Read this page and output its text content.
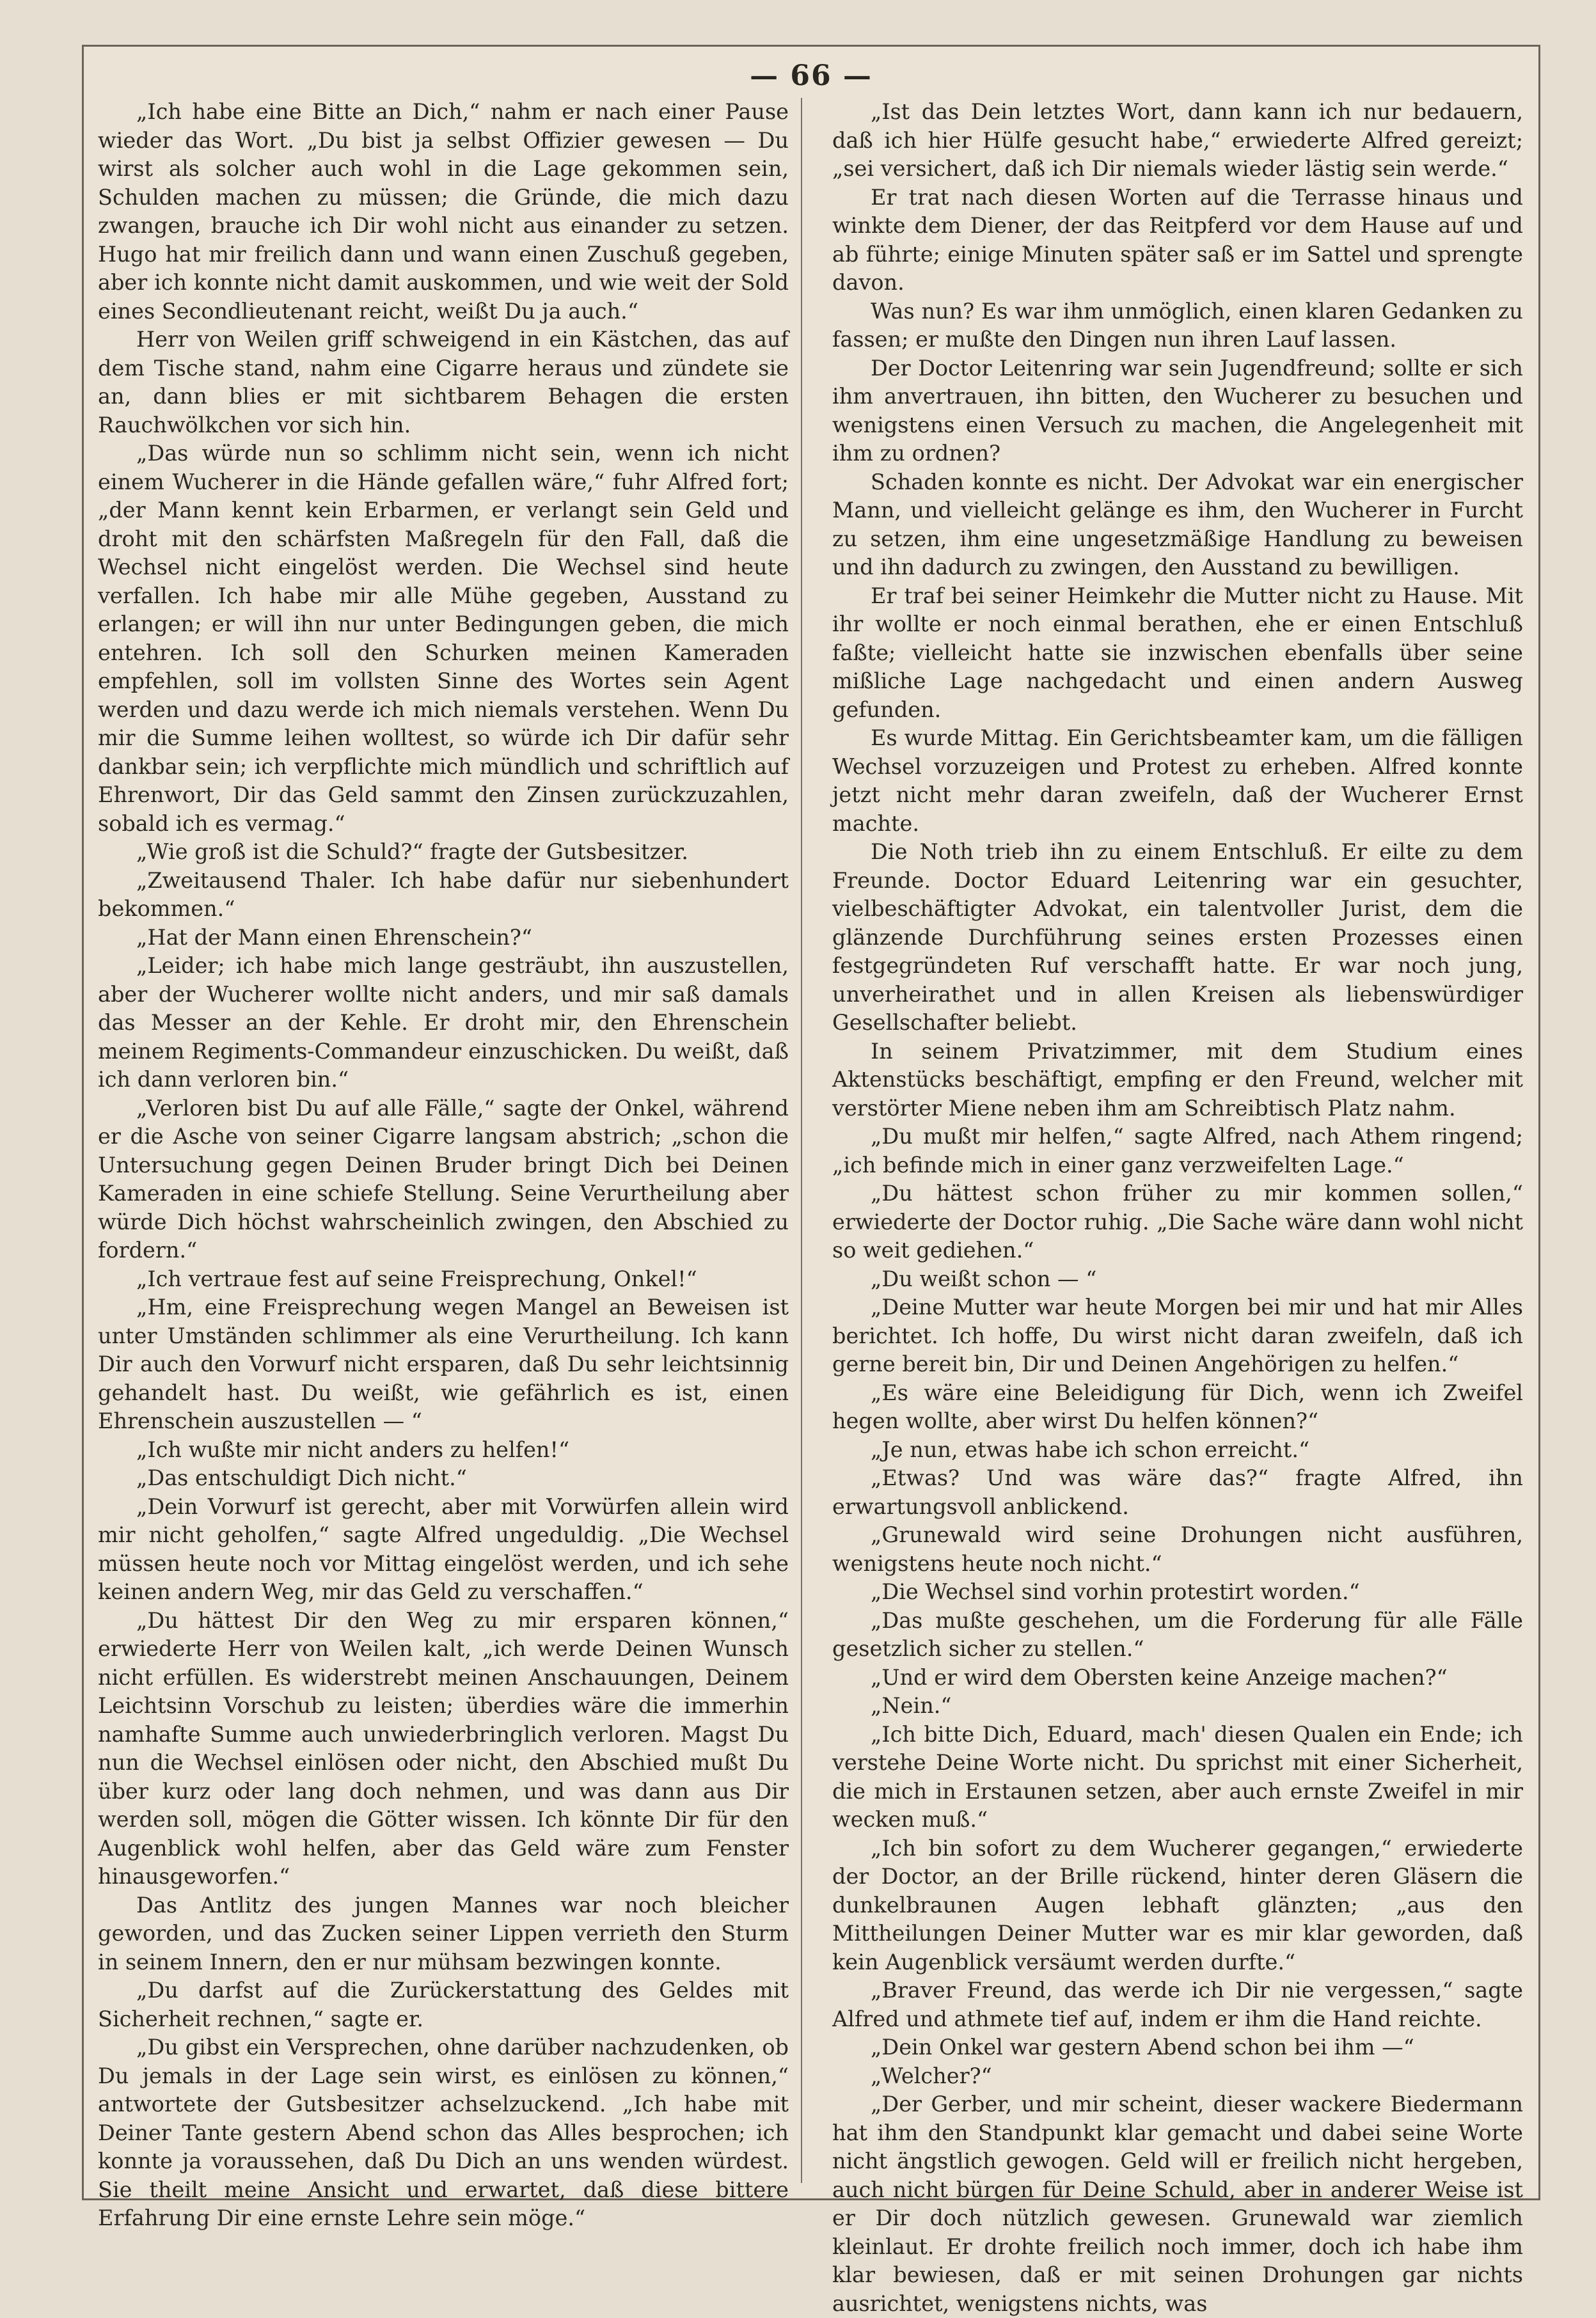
— 66 —

„Ich habe eine Bitte an Dich,“ nahm er nach einer Pause wieder das Wort. „Du bist ja selbst Offizier gewesen — Du wirst als solcher auch wohl in die Lage gekommen sein, Schulden machen zu müssen; die Gründe, die mich dazu zwangen, brauche ich Dir wohl nicht aus einander zu setzen. Hugo hat mir freilich dann und wann einen Zuschuß gegeben, aber ich konnte nicht damit auskommen, und wie weit der Sold eines Secondlieutenant reicht, weißt Du ja auch.“

Herr von Weilen griff schweigend in ein Kästchen, das auf dem Tische stand, nahm eine Cigarre heraus und zündete sie an, dann blies er mit sichtbarem Behagen die ersten Rauchwölkchen vor sich hin.

„Das würde nun so schlimm nicht sein, wenn ich nicht einem Wucherer in die Hände gefallen wäre,“ fuhr Alfred fort; „der Mann kennt kein Erbarmen, er verlangt sein Geld und droht mit den schärfsten Maßregeln für den Fall, daß die Wechsel nicht eingelöst werden. Die Wechsel sind heute verfallen. Ich habe mir alle Mühe gegeben, Ausstand zu erlangen; er will ihn nur unter Bedingungen geben, die mich entehren. Ich soll den Schurken meinen Kameraden empfehlen, soll im vollsten Sinne des Wortes sein Agent werden und dazu werde ich mich niemals verstehen. Wenn Du mir die Summe leihen wolltest, so würde ich Dir dafür sehr dankbar sein; ich verpflichte mich mündlich und schriftlich auf Ehrenwort, Dir das Geld sammt den Zinsen zurückzuzahlen, sobald ich es vermag.“

„Wie groß ist die Schuld?“ fragte der Gutsbesitzer.

„Zweitausend Thaler. Ich habe dafür nur siebenhundert bekommen.“

„Hat der Mann einen Ehrenschein?“

„Leider; ich habe mich lange gesträubt, ihn auszustellen, aber der Wucherer wollte nicht anders, und mir saß damals das Messer an der Kehle. Er droht mir, den Ehrenschein meinem Regiments-Commandeur einzuschicken. Du weißt, daß ich dann verloren bin.“

„Verloren bist Du auf alle Fälle,“ sagte der Onkel, während er die Asche von seiner Cigarre langsam abstrich; „schon die Untersuchung gegen Deinen Bruder bringt Dich bei Deinen Kameraden in eine schiefe Stellung. Seine Verurtheilung aber würde Dich höchst wahrscheinlich zwingen, den Abschied zu fordern.“

„Ich vertraue fest auf seine Freisprechung, Onkel!“

„Hm, eine Freisprechung wegen Mangel an Beweisen ist unter Umständen schlimmer als eine Verurtheilung. Ich kann Dir auch den Vorwurf nicht ersparen, daß Du sehr leichtsinnig gehandelt hast. Du weißt, wie gefährlich es ist, einen Ehrenschein auszustellen — “

„Ich wußte mir nicht anders zu helfen!“

„Das entschuldigt Dich nicht.“

„Dein Vorwurf ist gerecht, aber mit Vorwürfen allein wird mir nicht geholfen,“ sagte Alfred ungeduldig. „Die Wechsel müssen heute noch vor Mittag eingelöst werden, und ich sehe keinen andern Weg, mir das Geld zu verschaffen.“

„Du hättest Dir den Weg zu mir ersparen können,“ erwiederte Herr von Weilen kalt, „ich werde Deinen Wunsch nicht erfüllen. Es widerstrebt meinen Anschauungen, Deinem Leichtsinn Vorschub zu leisten; überdies wäre die immerhin namhafte Summe auch unwiederbringlich verloren. Magst Du nun die Wechsel einlösen oder nicht, den Abschied mußt Du über kurz oder lang doch nehmen, und was dann aus Dir werden soll, mögen die Götter wissen. Ich könnte Dir für den Augenblick wohl helfen, aber das Geld wäre zum Fenster hinausgeworfen.“

Das Antlitz des jungen Mannes war noch bleicher geworden, und das Zucken seiner Lippen verrieth den Sturm in seinem Innern, den er nur mühsam bezwingen konnte.

„Du darfst auf die Zurückerstattung des Geldes mit Sicherheit rechnen,“ sagte er.

„Du gibst ein Versprechen, ohne darüber nachzudenken, ob Du jemals in der Lage sein wirst, es einlösen zu können,“ antwortete der Gutsbesitzer achselzuckend. „Ich habe mit Deiner Tante gestern Abend schon das Alles besprochen; ich konnte ja voraussehen, daß Du Dich an uns wenden würdest. Sie theilt meine Ansicht und erwartet, daß diese bittere Erfahrung Dir eine ernste Lehre sein möge.“

„Ist das Dein letztes Wort, dann kann ich nur bedauern, daß ich hier Hülfe gesucht habe,“ erwiederte Alfred gereizt; „sei versichert, daß ich Dir niemals wieder lästig sein werde.“

Er trat nach diesen Worten auf die Terrasse hinaus und winkte dem Diener, der das Reitpferd vor dem Hause auf und ab führte; einige Minuten später saß er im Sattel und sprengte davon.

Was nun? Es war ihm unmöglich, einen klaren Gedanken zu fassen; er mußte den Dingen nun ihren Lauf lassen.

Der Doctor Leitenring war sein Jugendfreund; sollte er sich ihm anvertrauen, ihn bitten, den Wucherer zu besuchen und wenigstens einen Versuch zu machen, die Angelegenheit mit ihm zu ordnen?

Schaden konnte es nicht. Der Advokat war ein energischer Mann, und vielleicht gelänge es ihm, den Wucherer in Furcht zu setzen, ihm eine ungesetzmäßige Handlung zu beweisen und ihn dadurch zu zwingen, den Ausstand zu bewilligen.

Er traf bei seiner Heimkehr die Mutter nicht zu Hause. Mit ihr wollte er noch einmal berathen, ehe er einen Entschluß faßte; vielleicht hatte sie inzwischen ebenfalls über seine mißliche Lage nachgedacht und einen andern Ausweg gefunden.

Es wurde Mittag. Ein Gerichtsbeamter kam, um die fälligen Wechsel vorzuzeigen und Protest zu erheben. Alfred konnte jetzt nicht mehr daran zweifeln, daß der Wucherer Ernst machte.

Die Noth trieb ihn zu einem Entschluß. Er eilte zu dem Freunde. Doctor Eduard Leitenring war ein gesuchter, vielbeschäftigter Advokat, ein talentvoller Jurist, dem die glänzende Durchführung seines ersten Prozesses einen festgegründeten Ruf verschafft hatte. Er war noch jung, unverheirathet und in allen Kreisen als liebenswürdiger Gesellschafter beliebt.

In seinem Privatzimmer, mit dem Studium eines Aktenstücks beschäftigt, empfing er den Freund, welcher mit verstörter Miene neben ihm am Schreibtisch Platz nahm.

„Du mußt mir helfen,“ sagte Alfred, nach Athem ringend; „ich befinde mich in einer ganz verzweifelten Lage.“

„Du hättest schon früher zu mir kommen sollen,“ erwiederte der Doctor ruhig. „Die Sache wäre dann wohl nicht so weit gediehen.“

„Du weißt schon — “

„Deine Mutter war heute Morgen bei mir und hat mir Alles berichtet. Ich hoffe, Du wirst nicht daran zweifeln, daß ich gerne bereit bin, Dir und Deinen Angehörigen zu helfen.“

„Es wäre eine Beleidigung für Dich, wenn ich Zweifel hegen wollte, aber wirst Du helfen können?“

„Je nun, etwas habe ich schon erreicht.“

„Etwas? Und was wäre das?“ fragte Alfred, ihn erwartungsvoll anblickend.

„Grunewald wird seine Drohungen nicht ausführen, wenigstens heute noch nicht.“

„Die Wechsel sind vorhin protestirt worden.“

„Das mußte geschehen, um die Forderung für alle Fälle gesetzlich sicher zu stellen.“

„Und er wird dem Obersten keine Anzeige machen?“

„Nein.“

„Ich bitte Dich, Eduard, mach' diesen Qualen ein Ende; ich verstehe Deine Worte nicht. Du sprichst mit einer Sicherheit, die mich in Erstaunen setzen, aber auch ernste Zweifel in mir wecken muß.“

„Ich bin sofort zu dem Wucherer gegangen,“ erwiederte der Doctor, an der Brille rückend, hinter deren Gläsern die dunkelbraunen Augen lebhaft glänzten; „aus den Mittheilungen Deiner Mutter war es mir klar geworden, daß kein Augenblick versäumt werden durfte.“

„Braver Freund, das werde ich Dir nie vergessen,“ sagte Alfred und athmete tief auf, indem er ihm die Hand reichte.

„Dein Onkel war gestern Abend schon bei ihm —“

„Welcher?“

„Der Gerber, und mir scheint, dieser wackere Biedermann hat ihm den Standpunkt klar gemacht und dabei seine Worte nicht ängstlich gewogen. Geld will er freilich nicht hergeben, auch nicht bürgen für Deine Schuld, aber in anderer Weise ist er Dir doch nützlich gewesen. Grunewald war ziemlich kleinlaut. Er drohte freilich noch immer, doch ich habe ihm klar bewiesen, daß er mit seinen Drohungen gar nichts ausrichtet, wenigstens nichts, was
